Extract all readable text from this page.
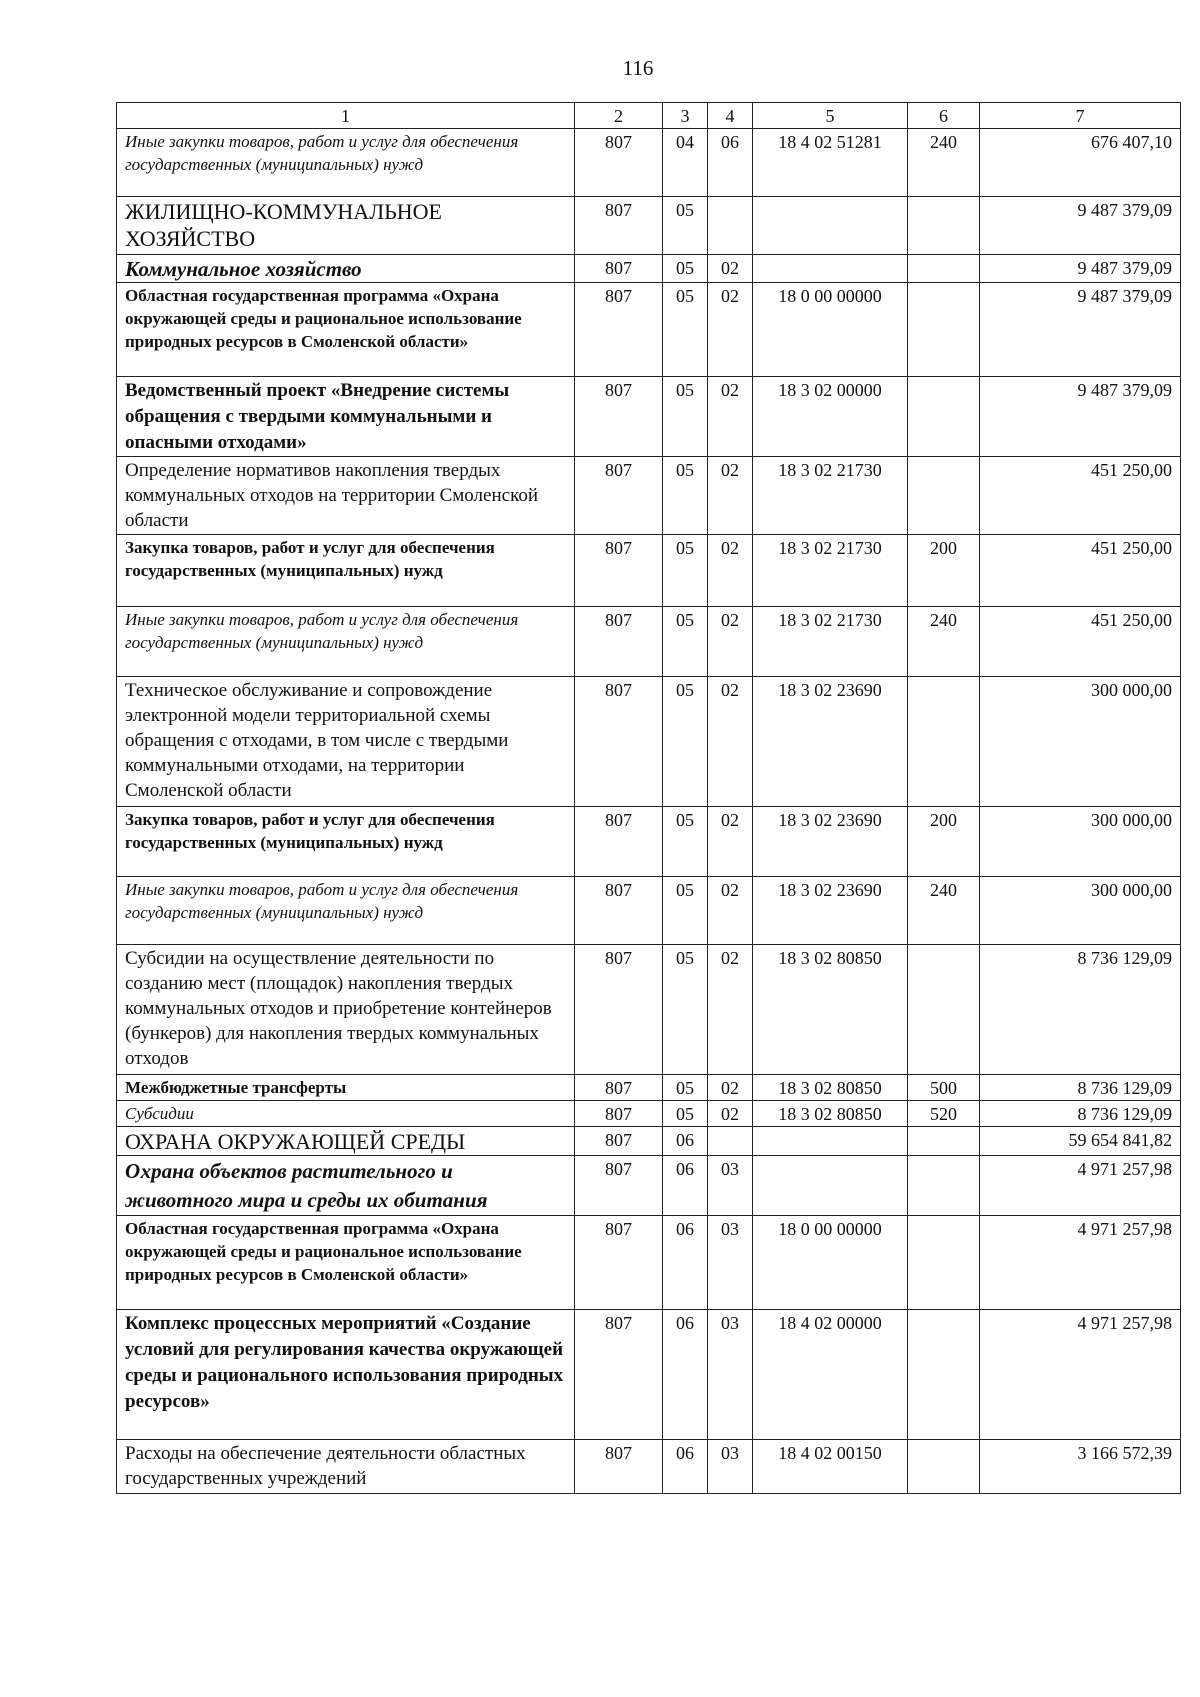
116
1	2	3	4	5	6	7
Иные закупки товаров, работ и услуг для обеспечения государственных (муниципальных) нужд	807	04	06	18 4 02 51281	240	676 407,10
ЖИЛИЩНО-КОММУНАЛЬНОЕ ХОЗЯЙСТВО	807	05				9 487 379,09
Коммунальное хозяйство	807	05	02			9 487 379,09
Областная государственная программа «Охрана окружающей среды и рациональное использование природных ресурсов в Смоленской области»	807	05	02	18 0 00 00000		9 487 379,09
Ведомственный проект «Внедрение системы обращения с твердыми коммунальными и опасными отходами»	807	05	02	18 3 02 00000		9 487 379,09
Определение нормативов накопления твердых коммунальных отходов на территории Смоленской области	807	05	02	18 3 02 21730		451 250,00
Закупка товаров, работ и услуг для обеспечения государственных (муниципальных) нужд	807	05	02	18 3 02 21730	200	451 250,00
Иные закупки товаров, работ и услуг для обеспечения государственных (муниципальных) нужд	807	05	02	18 3 02 21730	240	451 250,00
Техническое обслуживание и сопровождение электронной модели территориальной схемы обращения с отходами, в том числе с твердыми коммунальными отходами, на территории Смоленской области	807	05	02	18 3 02 23690		300 000,00
Закупка товаров, работ и услуг для обеспечения государственных (муниципальных) нужд	807	05	02	18 3 02 23690	200	300 000,00
Иные закупки товаров, работ и услуг для обеспечения государственных (муниципальных) нужд	807	05	02	18 3 02 23690	240	300 000,00
Субсидии на осуществление деятельности по созданию мест (площадок) накопления твердых коммунальных отходов и приобретение контейнеров (бункеров) для накопления твердых коммунальных отходов	807	05	02	18 3 02 80850		8 736 129,09
Межбюджетные трансферты	807	05	02	18 3 02 80850	500	8 736 129,09
Субсидии	807	05	02	18 3 02 80850	520	8 736 129,09
ОХРАНА ОКРУЖАЮЩЕЙ СРЕДЫ	807	06				59 654 841,82
Охрана объектов растительного и животного мира и среды их обитания	807	06	03			4 971 257,98
Областная государственная программа «Охрана окружающей среды и рациональное использование природных ресурсов в Смоленской области»	807	06	03	18 0 00 00000		4 971 257,98
Комплекс процессных мероприятий «Создание условий для регулирования качества окружающей среды и рационального использования природных ресурсов»	807	06	03	18 4 02 00000		4 971 257,98
Расходы на обеспечение деятельности областных государственных учреждений	807	06	03	18 4 02 00150		3 166 572,39
